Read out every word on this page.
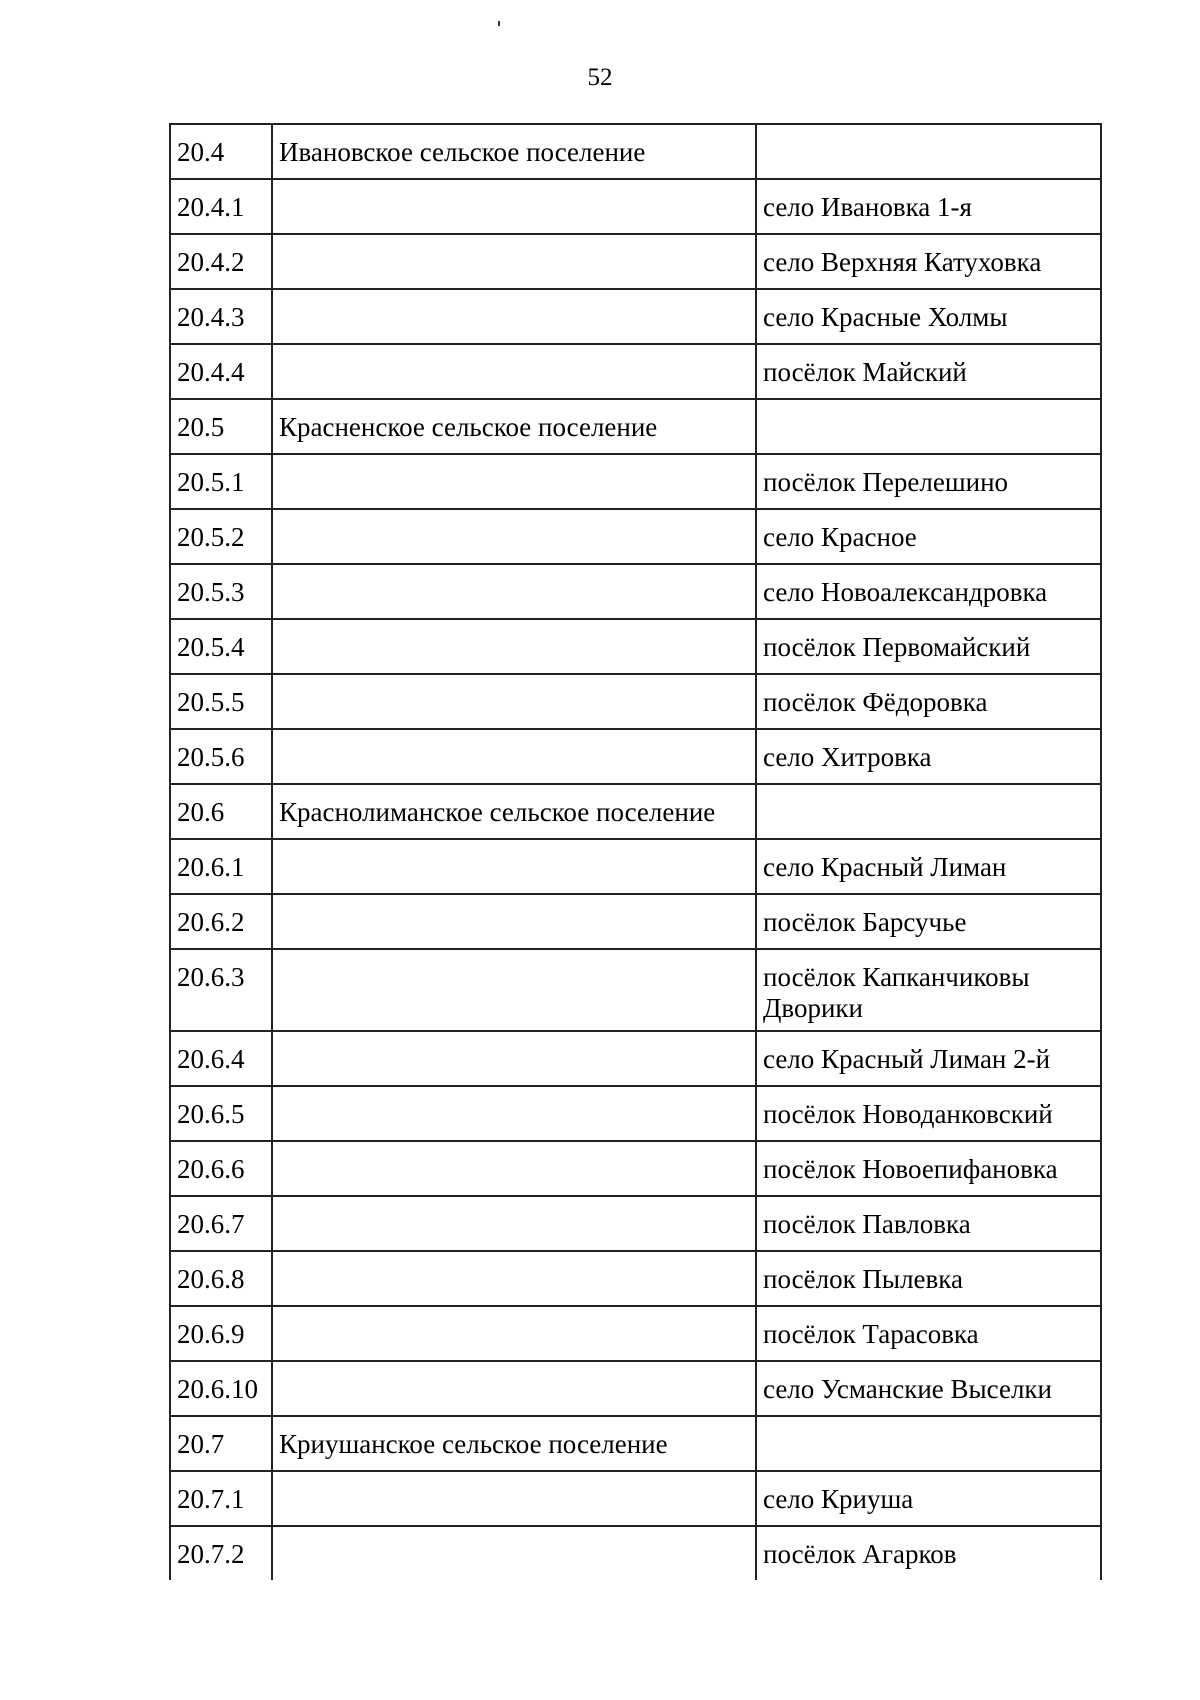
52
20.4	Ивановское сельское поселение	
20.4.1		село Ивановка 1-я
20.4.2		село Верхняя Катуховка
20.4.3		село Красные Холмы
20.4.4		посёлок Майский
20.5	Красненское сельское поселение	
20.5.1		посёлок Перелешино
20.5.2		село Красное
20.5.3		село Новоалександровка
20.5.4		посёлок Первомайский
20.5.5		посёлок Фёдоровка
20.5.6		село Хитровка
20.6	Краснолиманское сельское поселение	
20.6.1		село Красный Лиман
20.6.2		посёлок Барсучье
20.6.3		посёлок Капканчиковы Дворики
20.6.4		село Красный Лиман 2-й
20.6.5		посёлок Новоданковский
20.6.6		посёлок Новоепифановка
20.6.7		посёлок Павловка
20.6.8		посёлок Пылевка
20.6.9		посёлок Тарасовка
20.6.10		село Усманские Выселки
20.7	Криушанское сельское поселение	
20.7.1		село Криуша
20.7.2		посёлок Агарков
